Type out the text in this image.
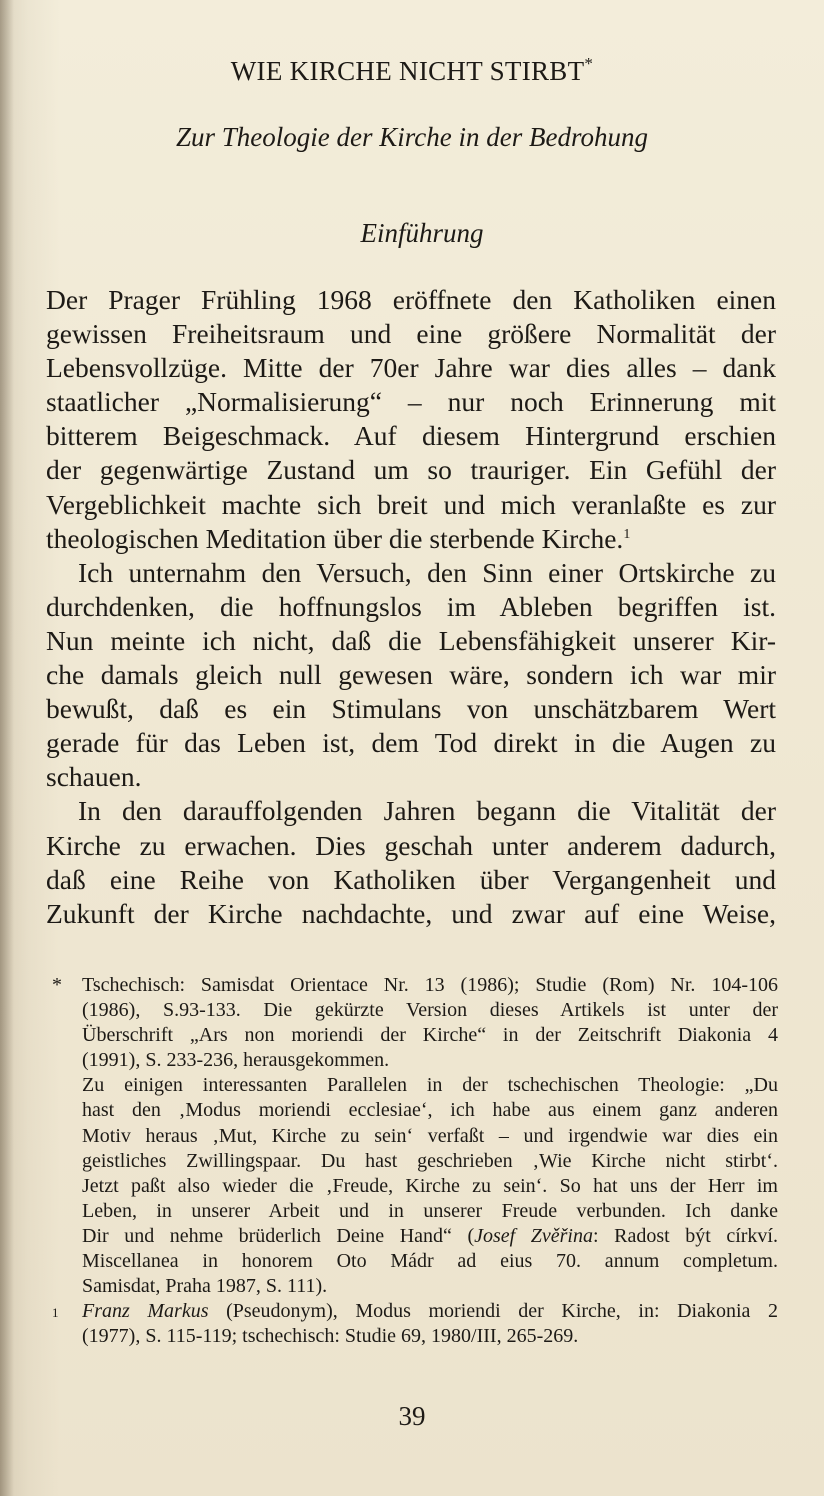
WIE KIRCHE NICHT STIRBT*
Zur Theologie der Kirche in der Bedrohung
Einführung
Der Prager Frühling 1968 eröffnete den Katholiken einen
gewissen Freiheitsraum und eine größere Normalität der
Lebensvollzüge. Mitte der 70er Jahre war dies alles – dank
staatlicher „Normalisierung“ – nur noch Erinnerung mit
bitterem Beigeschmack. Auf diesem Hintergrund erschien
der gegenwärtige Zustand um so trauriger. Ein Gefühl der
Vergeblichkeit machte sich breit und mich veranlaßte es zur
theologischen Meditation über die sterbende Kirche.$^1$
Ich unternahm den Versuch, den Sinn einer Ortskirche zu
durchdenken, die hoffnungslos im Ableben begriffen ist.
Nun meinte ich nicht, daß die Lebensfähigkeit unserer Kir-
che damals gleich null gewesen wäre, sondern ich war mir
bewußt, daß es ein Stimulans von unschätzbarem Wert
gerade für das Leben ist, dem Tod direkt in die Augen zu
schauen.
In den darauffolgenden Jahren begann die Vitalität der
Kirche zu erwachen. Dies geschah unter anderem dadurch,
daß eine Reihe von Katholiken über Vergangenheit und
Zukunft der Kirche nachdachte, und zwar auf eine Weise,
* Tschechisch: Samisdat Orientace Nr. 13 (1986); Studie (Rom) Nr. 104-106
(1986), S.93-133. Die gekürzte Version dieses Artikels ist unter der
Überschrift „Ars non moriendi der Kirche“ in der Zeitschrift Diakonia 4
(1991), S. 233-236, herausgekommen.
Zu einigen interessanten Parallelen in der tschechischen Theologie: „Du
hast den ‚Modus moriendi ecclesiae‘, ich habe aus einem ganz anderen
Motiv heraus ‚Mut, Kirche zu sein‘ verfaßt – und irgendwie war dies ein
geistliches Zwillingspaar. Du hast geschrieben ‚Wie Kirche nicht stirbt‘.
Jetzt paßt also wieder die ‚Freude, Kirche zu sein‘. So hat uns der Herr im
Leben, in unserer Arbeit und in unserer Freude verbunden. Ich danke
Dir und nehme brüderlich Deine Hand“ (Josef Zvěřina: Radost být církví.
Miscellanea in honorem Oto Mádr ad eius 70. annum completum.
Samisdat, Praha 1987, S. 111).
1 Franz Markus (Pseudonym), Modus moriendi der Kirche, in: Diakonia 2
(1977), S. 115-119; tschechisch: Studie 69, 1980/III, 265-269.
39
